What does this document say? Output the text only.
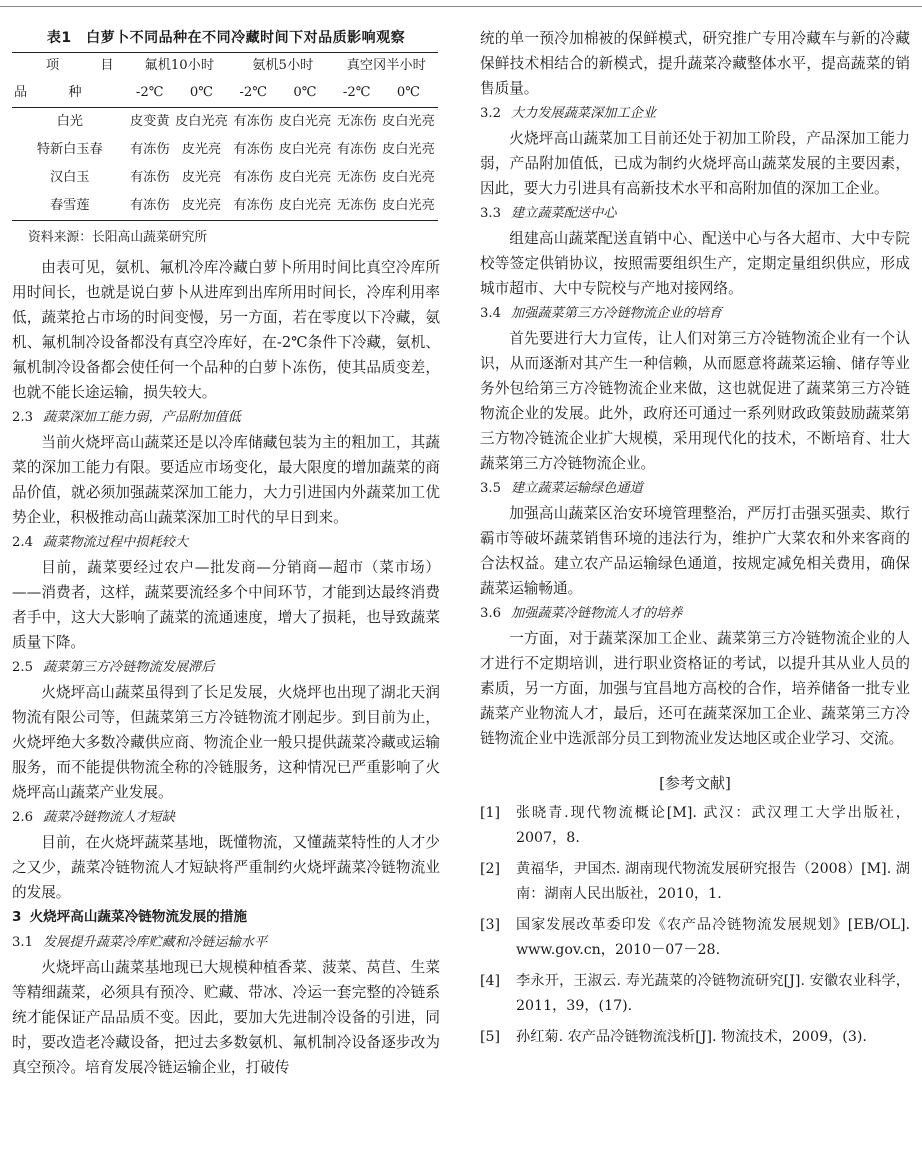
表1　白萝卜不同品种在不同冷藏时间下对品质影响观察
项　目	氟机10小时		氨机5小时		真空冈半小时	
品　种	-2℃	0℃	-2℃	0℃	-2℃	0℃
白光	皮变黄	皮白光亮	有冻伤	皮白光亮	无冻伤	皮白光亮
特新白玉春	有冻伤	皮光亮	有冻伤	皮白光亮	有冻伤	皮白光亮
汉白玉	有冻伤	皮光亮	有冻伤	皮白光亮	无冻伤	皮白光亮
春雪莲	有冻伤	皮光亮	有冻伤	皮白光亮	无冻伤	皮白光亮
资料来源：长阳高山蔬菜研究所

由表可见，氨机、氟机冷库冷藏白萝卜所用时间比真空冷库所用时间长，也就是说白萝卜从进库到出库所用时间长，冷库利用率低，蔬菜抢占市场的时间变慢，另一方面，若在零度以下冷藏，氨机、氟机制冷设备都没有真空冷库好，在-2℃条件下冷藏，氨机、氟机制冷设备都会使任何一个品种的白萝卜冻伤，使其品质变差，也就不能长途运输，损失较大。

2.3 蔬菜深加工能力弱，产品附加值低

当前火烧坪高山蔬菜还是以冷库储藏包装为主的粗加工，其蔬菜的深加工能力有限。要适应市场变化，最大限度的增加蔬菜的商品价值，就必须加强蔬菜深加工能力，大力引进国内外蔬菜加工优势企业，积极推动高山蔬菜深加工时代的早日到来。

2.4 蔬菜物流过程中损耗较大

目前，蔬菜要经过农户—批发商—分销商—超市（菜市场）——消费者，这样，蔬菜要流经多个中间环节，才能到达最终消费者手中，这大大影响了蔬菜的流通速度，增大了损耗，也导致蔬菜质量下降。

2.5 蔬菜第三方冷链物流发展滞后

火烧坪高山蔬菜虽得到了长足发展，火烧坪也出现了湖北天润物流有限公司等，但蔬菜第三方冷链物流才刚起步。到目前为止，火烧坪绝大多数冷藏供应商、物流企业一般只提供蔬菜冷藏或运输服务，而不能提供物流全称的冷链服务，这种情况已严重影响了火烧坪高山蔬菜产业发展。

2.6 蔬菜冷链物流人才短缺

目前，在火烧坪蔬菜基地，既懂物流，又懂蔬菜特性的人才少之又少，蔬菜冷链物流人才短缺将严重制约火烧坪蔬菜冷链物流业的发展。

3 火烧坪高山蔬菜冷链物流发展的措施
3.1 发展提升蔬菜冷库贮藏和冷链运输水平

火烧坪高山蔬菜基地现已大规模种植香菜、菠菜、莴苣、生菜等精细蔬菜，必须具有预冷、贮藏、带冰、冷运一套完整的冷链系统才能保证产品品质不变。因此，要加大先进制冷设备的引进，同时，要改造老冷藏设备，把过去多数氨机、氟机制冷设备逐步改为真空预冷。培育发展冷链运输企业，打破传

统的单一预冷加棉被的保鲜模式，研究推广专用冷藏车与新的冷藏保鲜技术相结合的新模式，提升蔬菜冷藏整体水平，提高蔬菜的销售质量。

3.2 大力发展蔬菜深加工企业

火烧坪高山蔬菜加工目前还处于初加工阶段，产品深加工能力弱，产品附加值低，已成为制约火烧坪高山蔬菜发展的主要因素，因此，要大力引进具有高新技术水平和高附加值的深加工企业。

3.3 建立蔬菜配送中心

组建高山蔬菜配送直销中心、配送中心与各大超市、大中专院校等签定供销协议，按照需要组织生产，定期定量组织供应，形成城市超市、大中专院校与产地对接网络。

3.4 加强蔬菜第三方冷链物流企业的培育

首先要进行大力宣传，让人们对第三方冷链物流企业有一个认识，从而逐渐对其产生一种信赖，从而愿意将蔬菜运输、储存等业务外包给第三方冷链物流企业来做，这也就促进了蔬菜第三方冷链物流企业的发展。此外，政府还可通过一系列财政政策鼓励蔬菜第三方物冷链流企业扩大规模，采用现代化的技术，不断培育、壮大蔬菜第三方冷链物流企业。

3.5 建立蔬菜运输绿色通道

加强高山蔬菜区治安环境管理整治，严厉打击强买强卖、欺行霸市等破坏蔬菜销售环境的违法行为，维护广大菜农和外来客商的合法权益。建立农产品运输绿色通道，按规定减免相关费用，确保蔬菜运输畅通。

3.6 加强蔬菜冷链物流人才的培养

一方面，对于蔬菜深加工企业、蔬菜第三方冷链物流企业的人才进行不定期培训，进行职业资格证的考试，以提升其从业人员的素质，另一方面，加强与宜昌地方高校的合作，培养储备一批专业蔬菜产业物流人才，最后，还可在蔬菜深加工企业、蔬菜第三方冷链物流企业中选派部分员工到物流业发达地区或企业学习、交流。

[参考文献]
[1]	张晓青.现代物流概论[M]. 武汉：武汉理工大学出版社，2007，8.
[2]	黄福华，尹国杰. 湖南现代物流发展研究报告（2008）[M]. 湖南：湖南人民出版社，2010，1.
[3]	国家发展改革委印发《农产品冷链物流发展规划》[EB/OL]. www.gov.cn，2010－07－28.
[4]	李永开，王淑云. 寿光蔬菜的冷链物流研究[J]. 安徽农业科学，2011，39，(17).
[5]	孙红菊. 农产品冷链物流浅析[J]. 物流技术，2009，(3).
